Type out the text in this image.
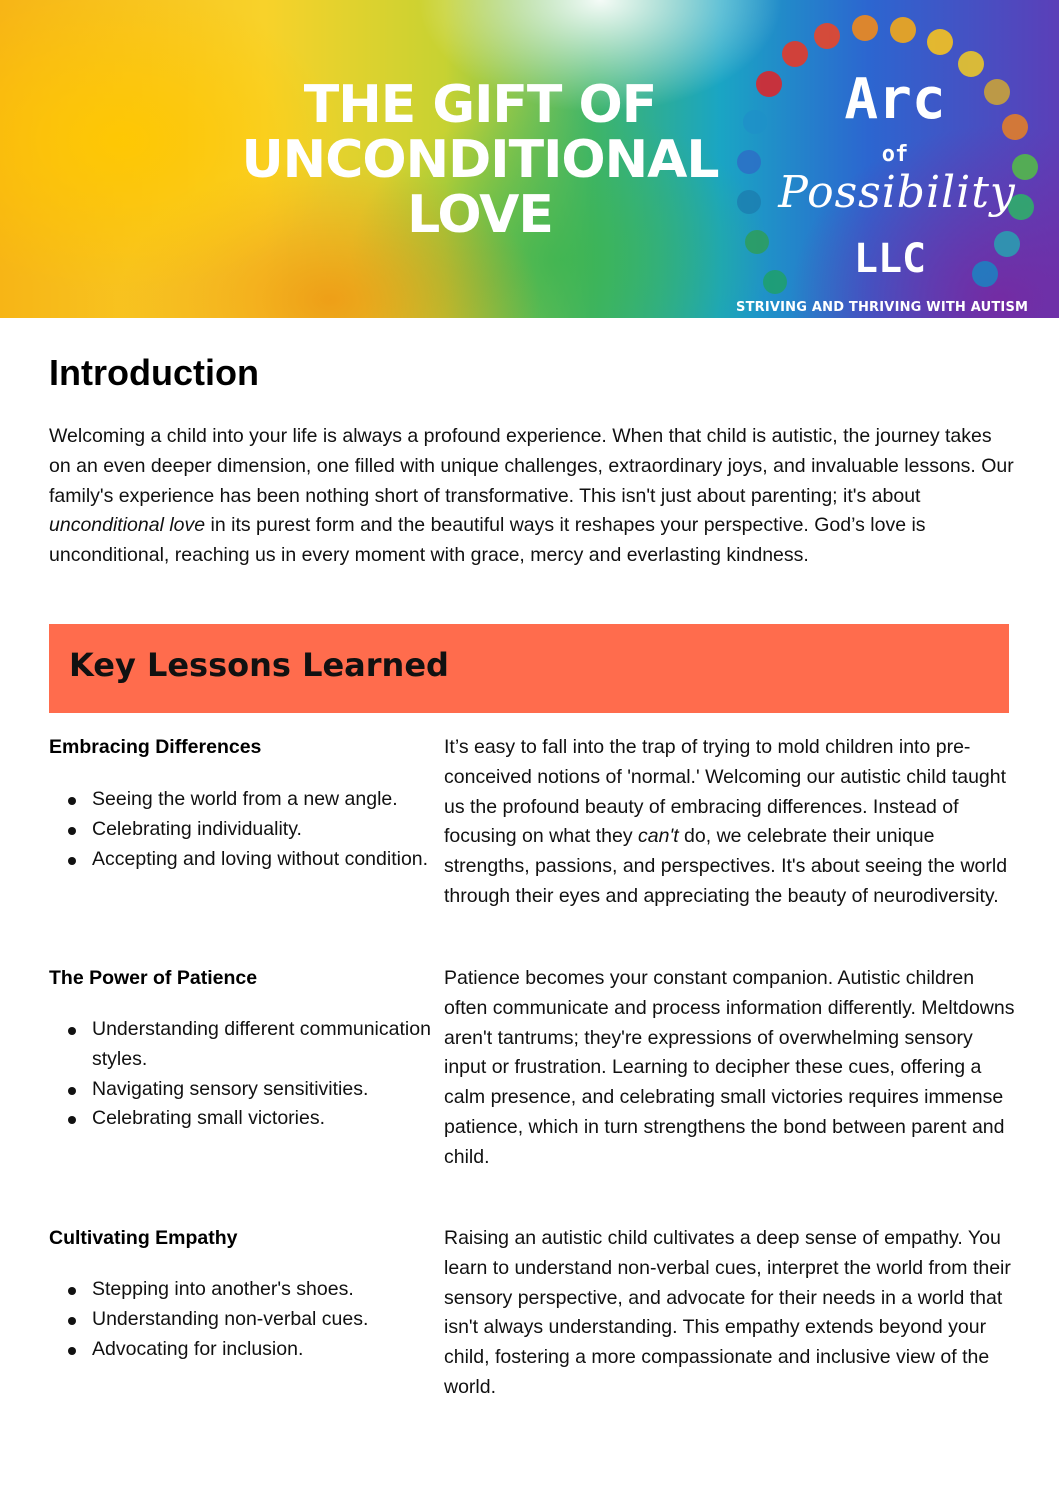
THE GIFT OF
UNCONDITIONAL
LOVE
Arc
of
Possibility
LLC
STRIVING AND THRIVING WITH AUTISM
Introduction

Welcoming a child into your life is always a profound experience. When that child is autistic, the journey takes on an even deeper dimension, one filled with unique challenges, extraordinary joys, and invaluable lessons. Our family's experience has been nothing short of transformative. This isn't just about parenting; it's about unconditional love in its purest form and the beautiful ways it reshapes your perspective. God’s love is unconditional, reaching us in every moment with grace, mercy and everlasting kindness.

Key Lessons Learned
Embracing Differences
Seeing the world from a new angle.
Celebrating individuality.
Accepting and loving without condition.

It’s easy to fall into the trap of trying to mold children into pre-conceived notions of 'normal.' Welcoming our autistic child taught us the profound beauty of embracing differences. Instead of focusing on what they can't do, we celebrate their unique strengths, passions, and perspectives. It's about seeing the world through their eyes and appreciating the beauty of neurodiversity.

The Power of Patience
Understanding different communication styles.
Navigating sensory sensitivities.
Celebrating small victories.

Patience becomes your constant companion. Autistic children often communicate and process information differently. Meltdowns aren't tantrums; they're expressions of overwhelming sensory input or frustration. Learning to decipher these cues, offering a calm presence, and celebrating small victories requires immense patience, which in turn strengthens the bond between parent and child.

Cultivating Empathy
Stepping into another's shoes.
Understanding non-verbal cues.
Advocating for inclusion.

Raising an autistic child cultivates a deep sense of empathy. You learn to understand non-verbal cues, interpret the world from their sensory perspective, and advocate for their needs in a world that isn't always understanding. This empathy extends beyond your child, fostering a more compassionate and inclusive view of the world.
